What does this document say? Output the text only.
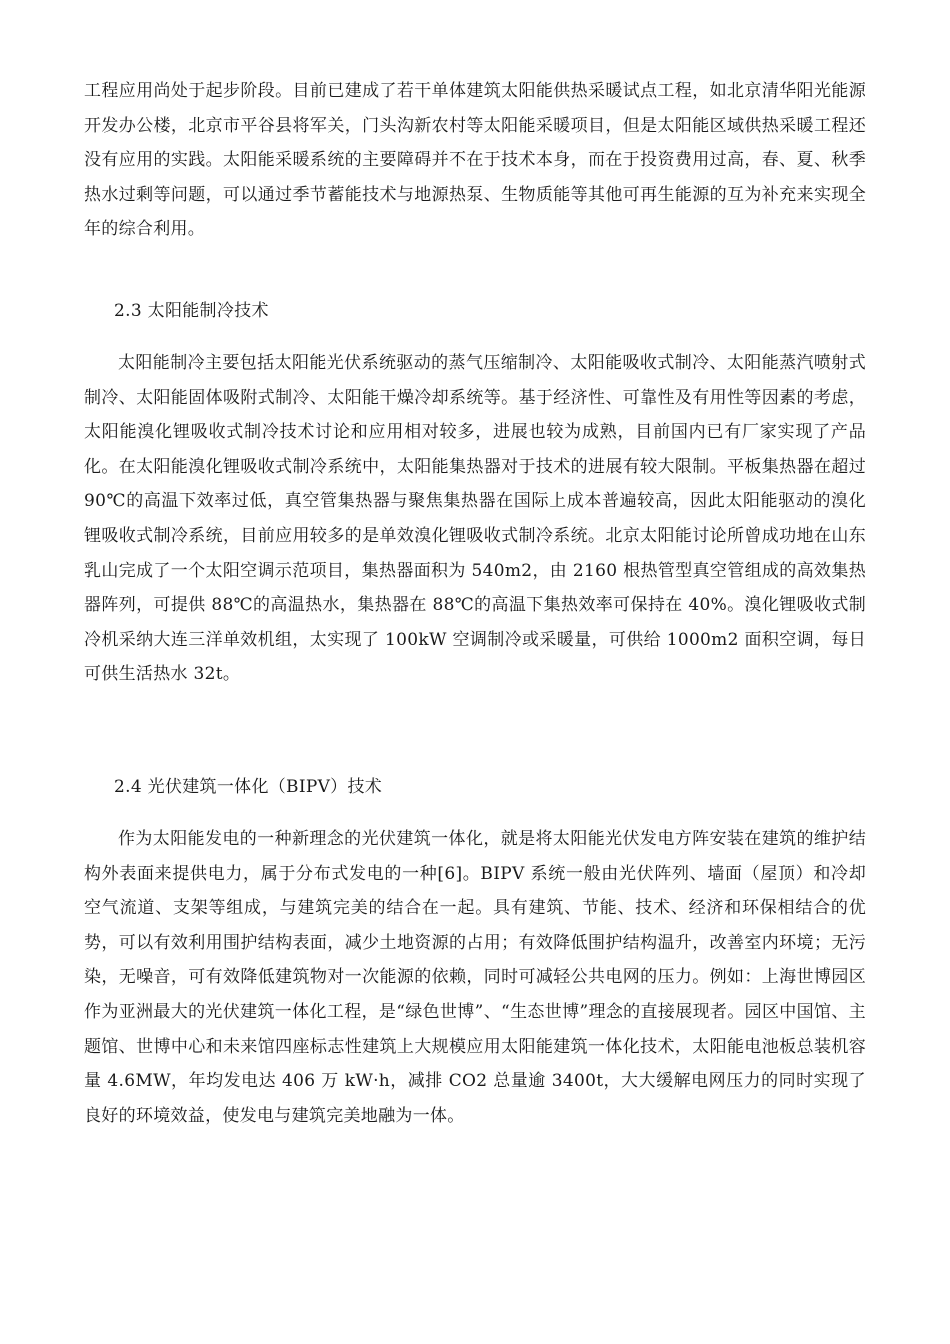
工程应用尚处于起步阶段。目前已建成了若干单体建筑太阳能供热采暖试点工程，如北京清华阳光能源开发办公楼，北京市平谷县将军关，门头沟新农村等太阳能采暖项目，但是太阳能区域供热采暖工程还没有应用的实践。太阳能采暖系统的主要障碍并不在于技术本身，而在于投资费用过高，春、夏、秋季热水过剩等问题，可以通过季节蓄能技术与地源热泵、生物质能等其他可再生能源的互为补充来实现全年的综合利用。

2.3 太阳能制冷技术

太阳能制冷主要包括太阳能光伏系统驱动的蒸气压缩制冷、太阳能吸收式制冷、太阳能蒸汽喷射式制冷、太阳能固体吸附式制冷、太阳能干燥冷却系统等。基于经济性、可靠性及有用性等因素的考虑，太阳能溴化锂吸收式制冷技术讨论和应用相对较多，进展也较为成熟，目前国内已有厂家实现了产品化。在太阳能溴化锂吸收式制冷系统中，太阳能集热器对于技术的进展有较大限制。平板集热器在超过 90℃的高温下效率过低，真空管集热器与聚焦集热器在国际上成本普遍较高，因此太阳能驱动的溴化锂吸收式制冷系统，目前应用较多的是单效溴化锂吸收式制冷系统。北京太阳能讨论所曾成功地在山东乳山完成了一个太阳空调示范项目，集热器面积为 540m2，由 2160 根热管型真空管组成的高效集热器阵列，可提供 88℃的高温热水，集热器在 88℃的高温下集热效率可保持在 40%。溴化锂吸收式制冷机采纳大连三洋单效机组，太实现了 100kW 空调制冷或采暖量，可供给 1000m2 面积空调，每日可供生活热水 32t。

2.4 光伏建筑一体化（BIPV）技术

作为太阳能发电的一种新理念的光伏建筑一体化，就是将太阳能光伏发电方阵安装在建筑的维护结构外表面来提供电力，属于分布式发电的一种[6]。BIPV 系统一般由光伏阵列、墙面（屋顶）和冷却空气流道、支架等组成，与建筑完美的结合在一起。具有建筑、节能、技术、经济和环保相结合的优势，可以有效利用围护结构表面，减少土地资源的占用；有效降低围护结构温升，改善室内环境；无污染，无噪音，可有效降低建筑物对一次能源的依赖，同时可减轻公共电网的压力。例如：上海世博园区作为亚洲最大的光伏建筑一体化工程，是“绿色世博”、“生态世博”理念的直接展现者。园区中国馆、主题馆、世博中心和未来馆四座标志性建筑上大规模应用太阳能建筑一体化技术，太阳能电池板总装机容量 4.6MW，年均发电达 406 万 kW·h，减排 CO2 总量逾 3400t，大大缓解电网压力的同时实现了良好的环境效益，使发电与建筑完美地融为一体。
